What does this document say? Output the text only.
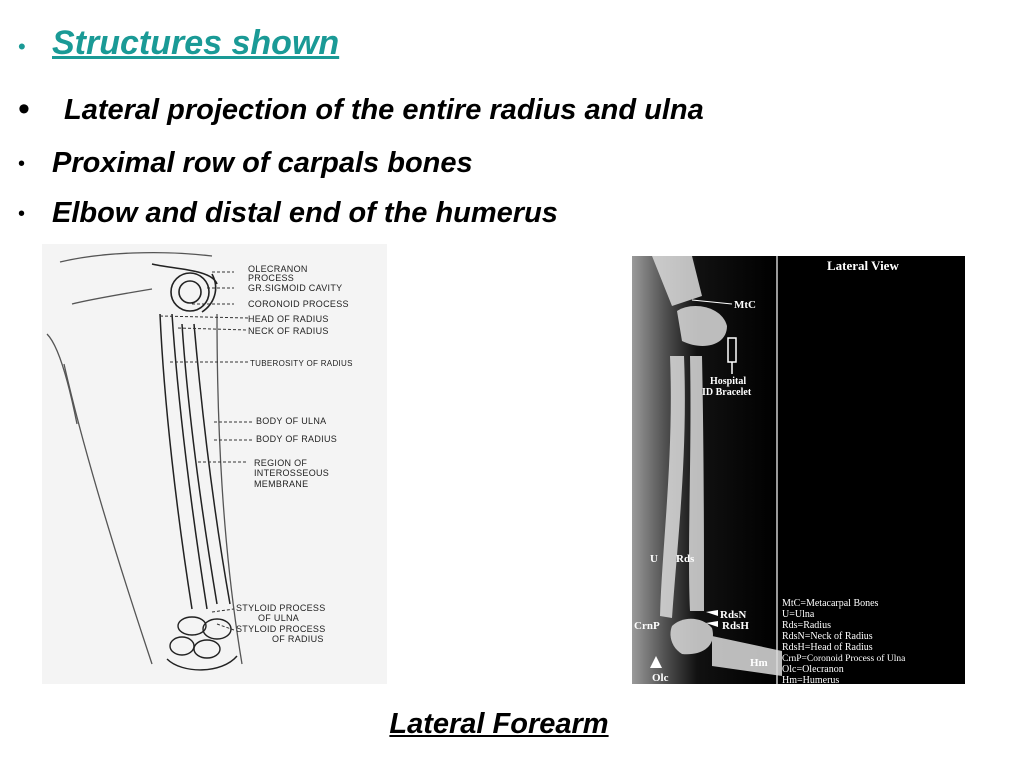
• Structures shown
• Lateral projection of the entire radius and ulna
• Proximal row of carpals bones
• Elbow and distal end of the humerus
OLECRANON
PROCESS
GR.SIGMOID CAVITY
CORONOID PROCESS
HEAD OF RADIUS
NECK OF RADIUS
TUBEROSITY OF RADIUS
BODY OF ULNA
BODY OF RADIUS
REGION OF
INTEROSSEOUS
MEMBRANE
STYLOID PROCESS
OF ULNA
STYLOID PROCESS
OF RADIUS
Lateral View
MtC
Hospital
ID Bracelet
U Rds
RdsN
CrnP	RdsH
Hm
Olc
MtC=Metacarpal Bones
U=Ulna
Rds=Radius
RdsN=Neck of Radius
RdsH=Head of Radius
CrnP=Coronoid Process of Ulna
Olc=Olecranon
Hm=Humerus
Lateral Forearm
